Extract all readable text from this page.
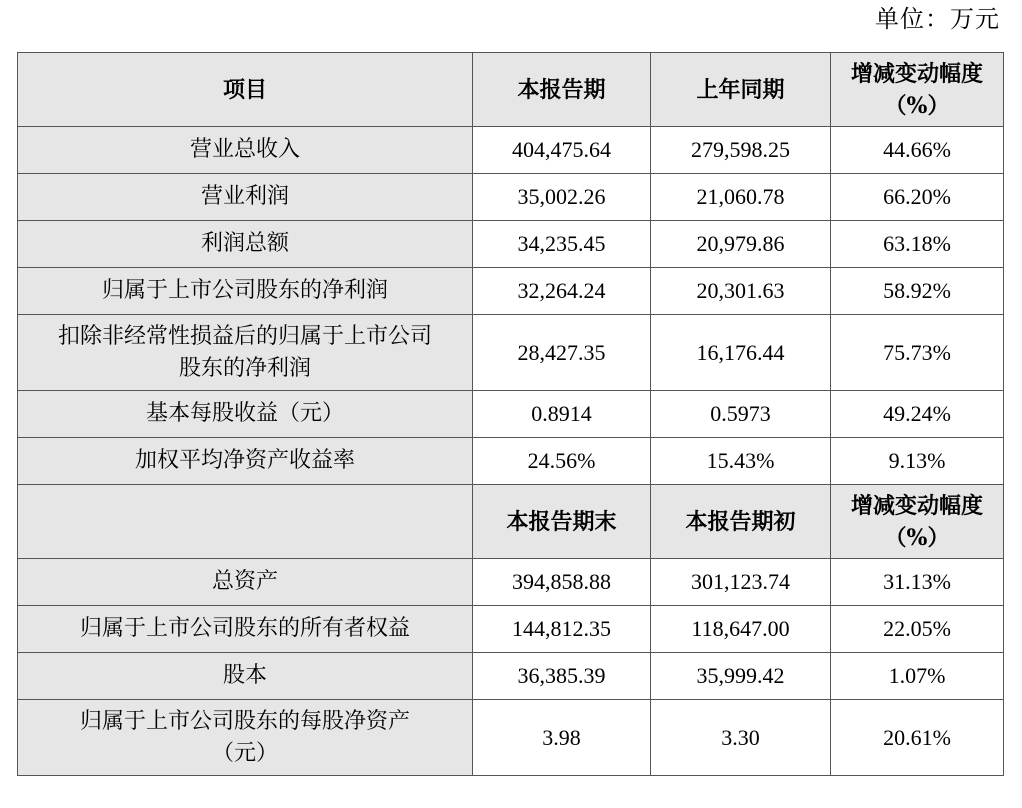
单位：万元
项目	本报告期	上年同期	增减变动幅度
（%）

营业总收入	404,475.64	279,598.25	44.66%
营业利润	35,002.26	21,060.78	66.20%
利润总额	34,235.45	20,979.86	63.18%
归属于上市公司股东的净利润	32,264.24	20,301.63	58.92%

扣除非经常性损益后的归属于上市公司
股东的净利润	28,427.35	16,176.44	75.73%
基本每股收益（元）	0.8914	0.5973	49.24%
加权平均净资产收益率	24.56%	15.43%	9.13%
	本报告期末	本报告期初	增减变动幅度
（%）

总资产	394,858.88	301,123.74	31.13%
归属于上市公司股东的所有者权益	144,812.35	118,647.00	22.05%
股本	36,385.39	35,999.42	1.07%

归属于上市公司股东的每股净资产
（元）	3.98	3.30	20.61%
